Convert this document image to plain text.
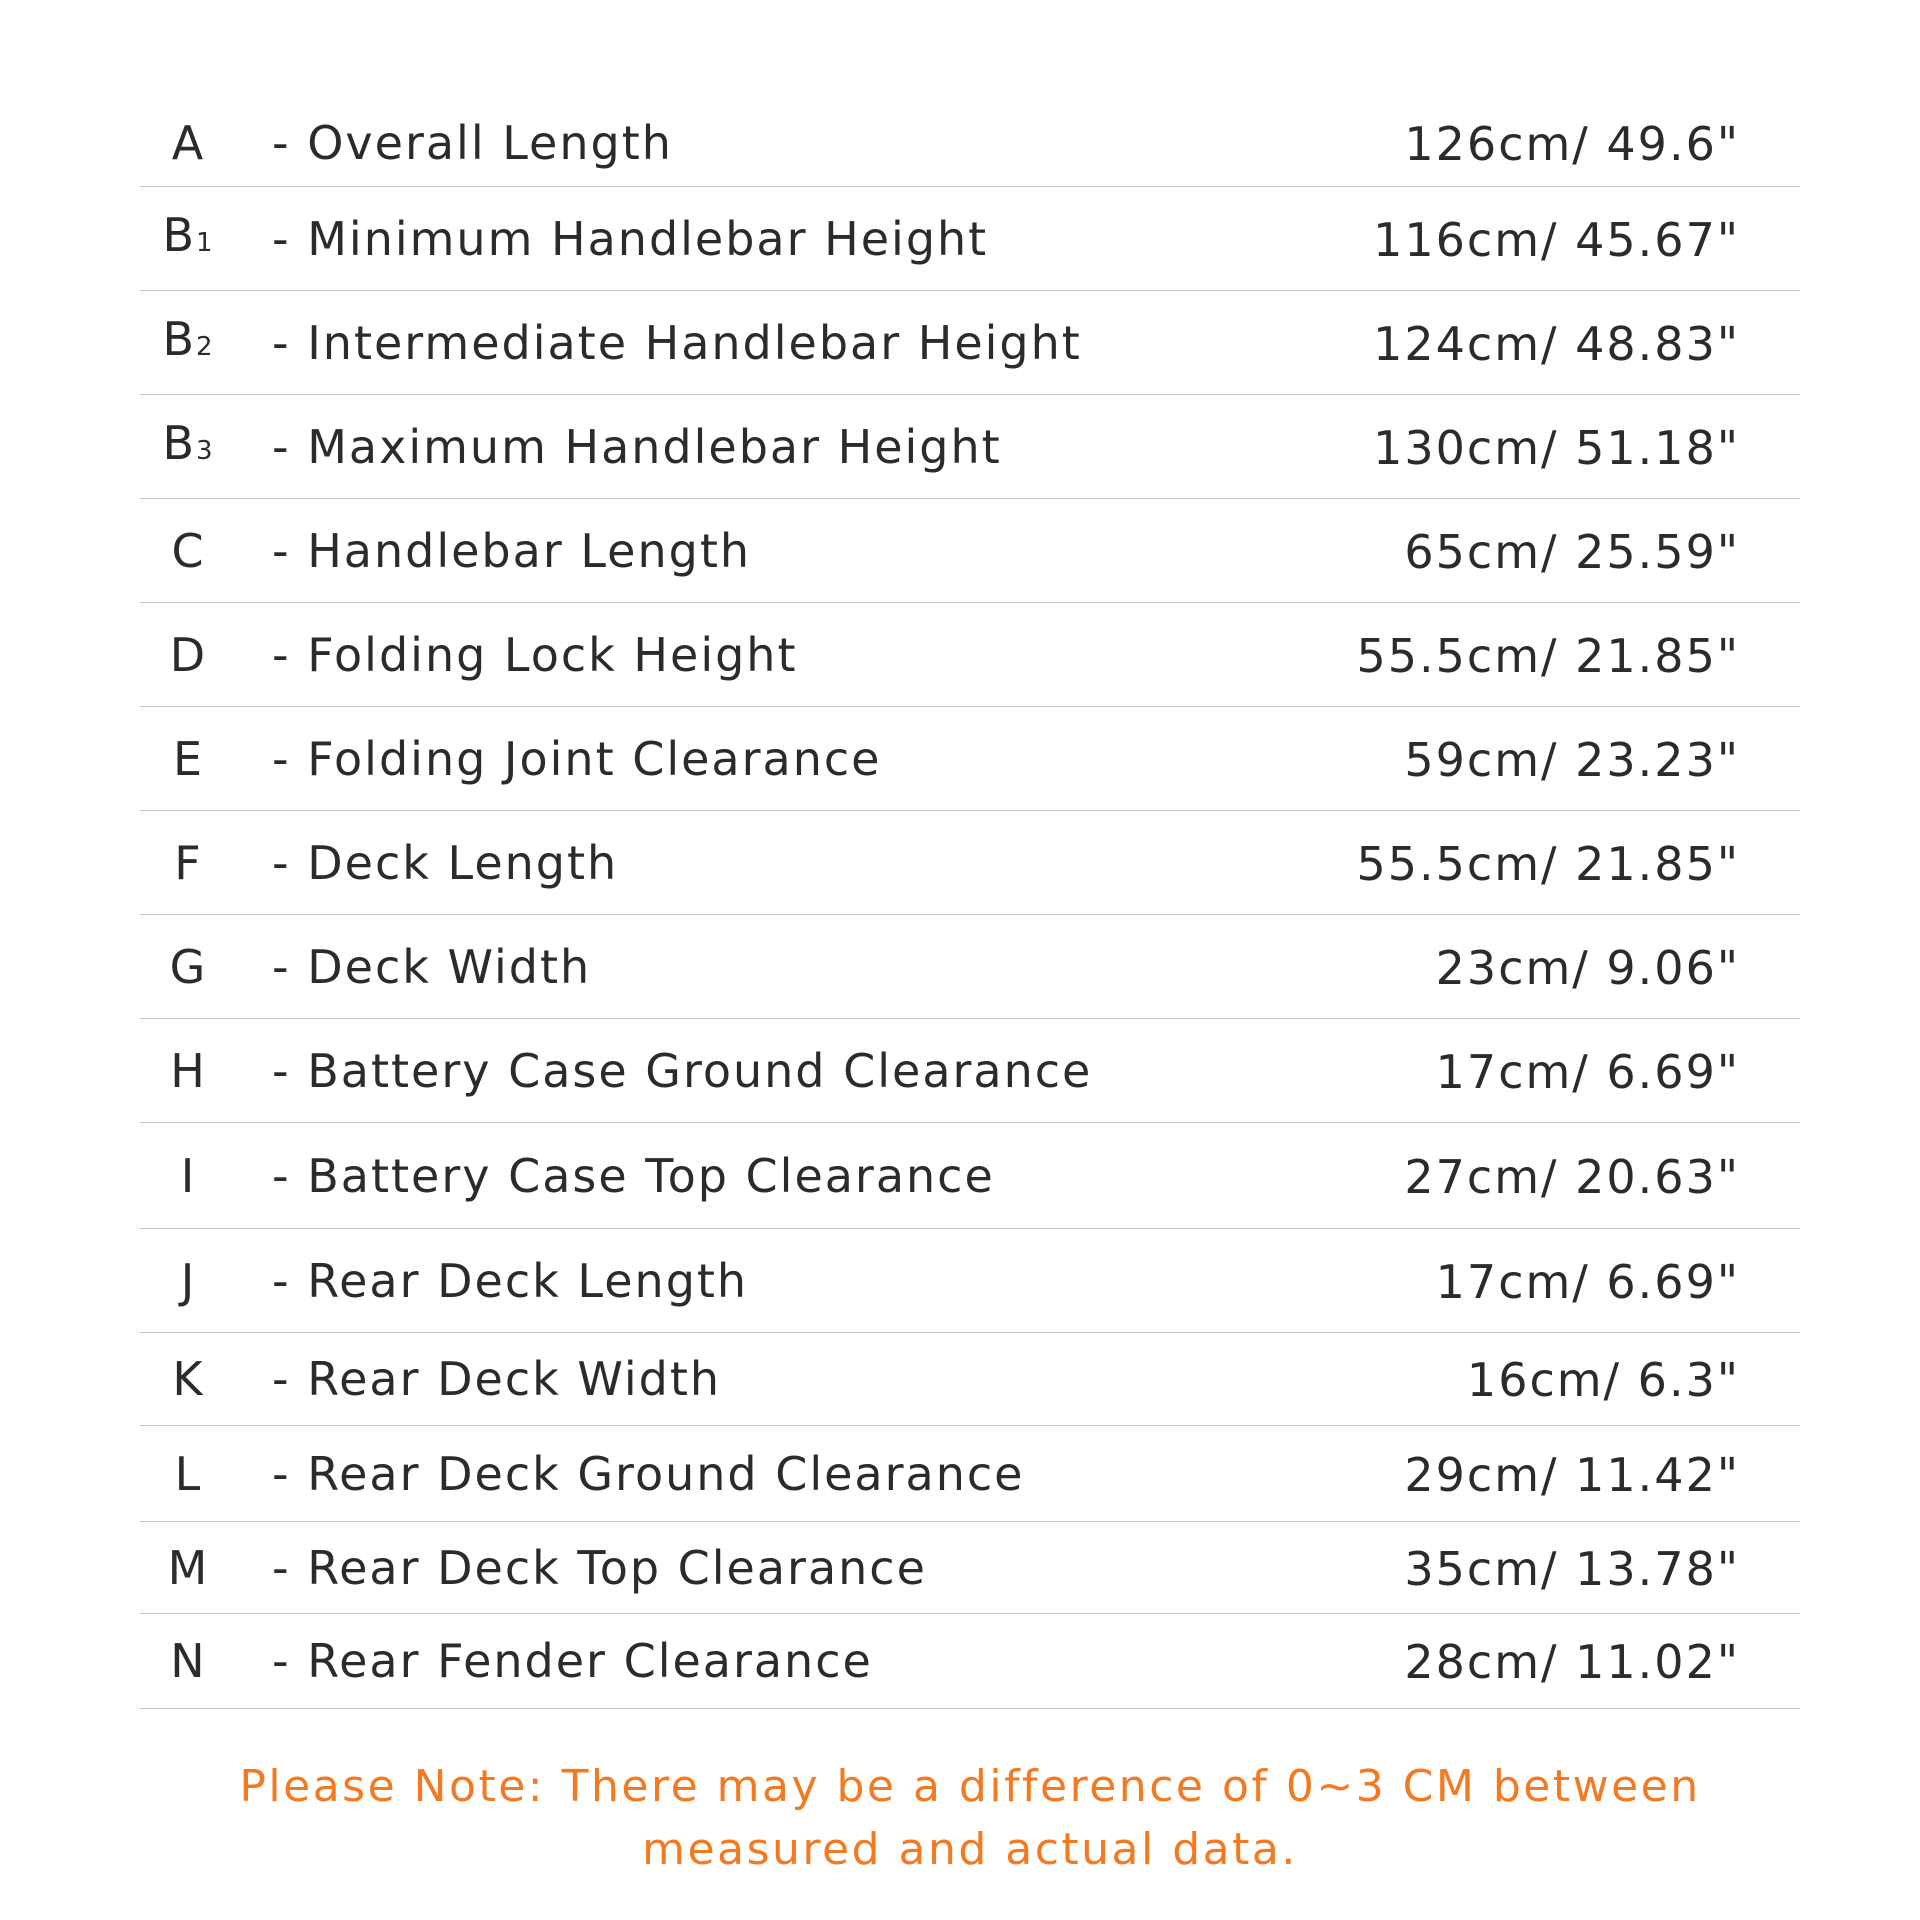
A	- Overall Length	126cm/ 49.6"
B1	- Minimum Handlebar Height	116cm/ 45.67"
B2	- Intermediate Handlebar Height	124cm/ 48.83"
B3	- Maximum Handlebar Height	130cm/ 51.18"
C	- Handlebar Length	65cm/ 25.59"
D	- Folding Lock Height	55.5cm/ 21.85"
E	- Folding Joint Clearance	59cm/ 23.23"
F	- Deck Length	55.5cm/ 21.85"
G	- Deck Width	23cm/ 9.06"
H	- Battery Case Ground Clearance	17cm/ 6.69"
I	- Battery Case Top Clearance	27cm/ 20.63"
J	- Rear Deck Length	17cm/ 6.69"
K	- Rear Deck Width	16cm/ 6.3"
L	- Rear Deck Ground Clearance	29cm/ 11.42"
M	- Rear Deck Top Clearance	35cm/ 13.78"
N	- Rear Fender Clearance	28cm/ 11.02"
Please Note: There may be a difference of 0~3 CM between
measured and actual data.
